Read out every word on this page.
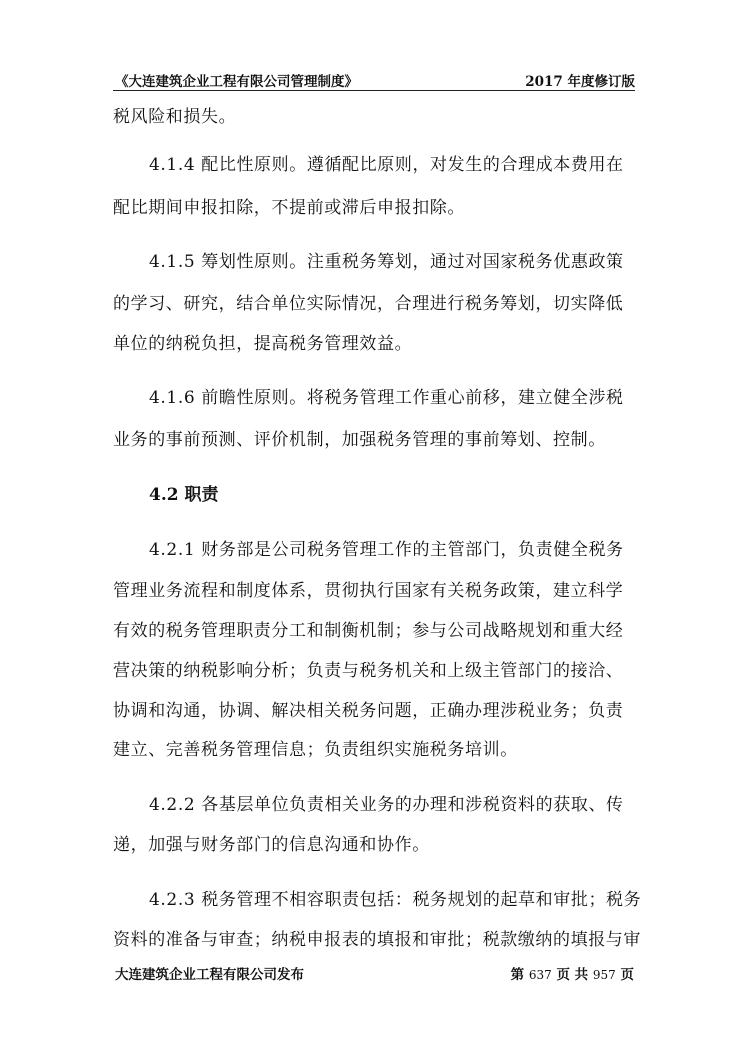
《大连建筑企业工程有限公司管理制度》	2017 年度修订版
税风险和损失。
4.1.4 配比性原则。遵循配比原则，对发生的合理成本费用在
配比期间申报扣除，不提前或滞后申报扣除。
4.1.5 筹划性原则。注重税务筹划，通过对国家税务优惠政策
的学习、研究，结合单位实际情况，合理进行税务筹划，切实降低
单位的纳税负担，提高税务管理效益。
4.1.6 前瞻性原则。将税务管理工作重心前移，建立健全涉税
业务的事前预测、评价机制，加强税务管理的事前筹划、控制。
4.2 职责
4.2.1 财务部是公司税务管理工作的主管部门，负责健全税务
管理业务流程和制度体系，贯彻执行国家有关税务政策，建立科学
有效的税务管理职责分工和制衡机制；参与公司战略规划和重大经
营决策的纳税影响分析；负责与税务机关和上级主管部门的接洽、
协调和沟通，协调、解决相关税务问题，正确办理涉税业务；负责
建立、完善税务管理信息；负责组织实施税务培训。
4.2.2 各基层单位负责相关业务的办理和涉税资料的获取、传
递，加强与财务部门的信息沟通和协作。
4.2.3 税务管理不相容职责包括：税务规划的起草和审批；税务
资料的准备与审查；纳税申报表的填报和审批；税款缴纳的填报与审
大连建筑企业工程有限公司发布	第 637 页 共 957 页
